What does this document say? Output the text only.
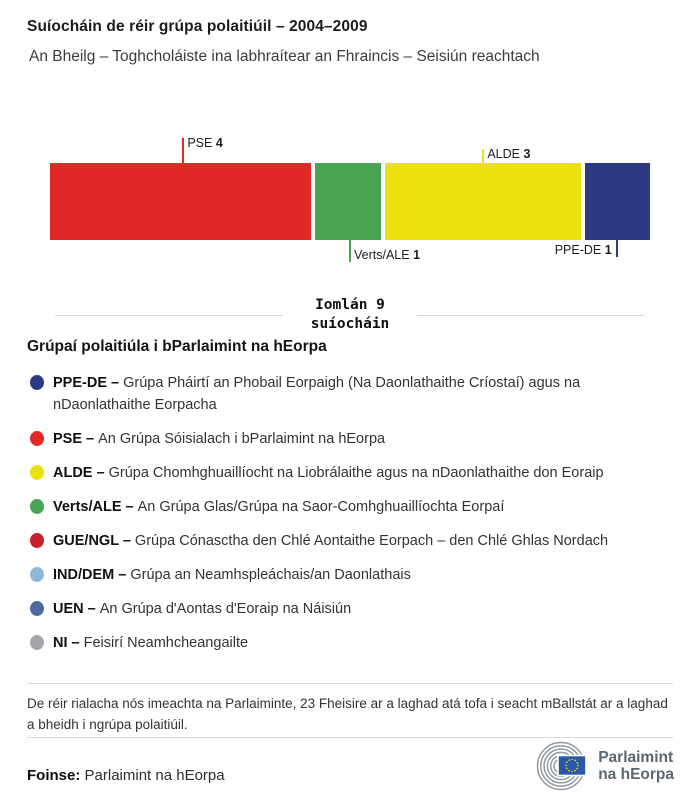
Suíocháin de réir grúpa polaitiúil – 2004–2009
An Bheilg – Toghcholáiste ina labhraítear an Fhraincis – Seisiún reachtach
PSE 4
Verts/ALE 1
ALDE 3
PPE-DE 1
Iomlán 9
suíocháin
Grúpaí polaitiúla i bParlaimint na hEorpa
PPE-DE – Grúpa Pháirtí an Phobail Eorpaigh (Na Daonlathaithe Críostaí) agus na nDaonlathaithe Eorpacha
PSE – An Grúpa Sóisialach i bParlaimint na hEorpa
ALDE – Grúpa Chomhghuaillíocht na Liobrálaithe agus na nDaonlathaithe don Eoraip
Verts/ALE – An Grúpa Glas/Grúpa na Saor-Comhghuaillíochta Eorpaí
GUE/NGL – Grúpa Cónasctha den Chlé Aontaithe Eorpach – den Chlé Ghlas Nordach
IND/DEM – Grúpa an Neamhspleáchais/an Daonlathais
UEN – An Grúpa d'Aontas d'Eoraip na Náisiún
NI – Feisirí Neamhcheangailte

De réir rialacha nós imeachta na Parlaiminte, 23 Fheisire ar a laghad atá tofa i seacht mBallstát ar a laghad a bheidh i ngrúpa polaitiúil.

Foinse: Parlaimint na hEorpa

Parlaimint
na hEorpa
